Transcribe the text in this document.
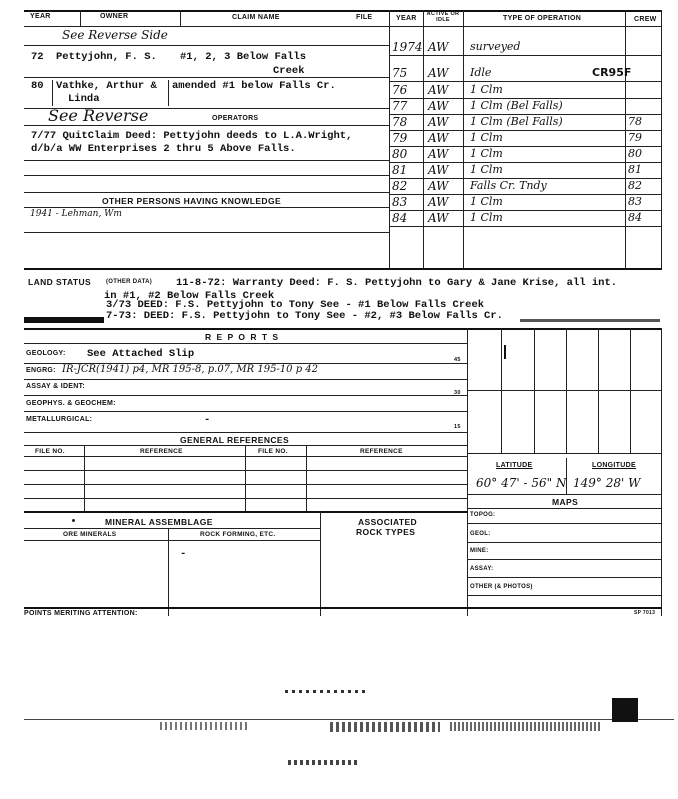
YEAR	OWNER	CLAIM NAME	FILE	YEAR
ACTIVE OR IDLE	TYPE OF OPERATION	CREW
See Reverse Side
72 Pettyjohn, F. S. #1, 2, 3 Below Falls
Creek
80 Vathke, Arthur &
Linda
amended #1 below Falls Cr.
See Reverse	OPERATORS
7/77 QuitClaim Deed: Pettyjohn deeds to L.A.Wright,
d/b/a WW Enterprises 2 thru 5 Above Falls.
OTHER PERSONS HAVING KNOWLEDGE
1941 - Lehman, Wm
1974 AW surveyed
75 AW Idle	CR95F
76 AW 1 Clm
77 AW 1 Clm (Bel Falls)
78 AW 1 Clm (Bel Falls)	78
79 AW 1 Clm	79
80 AW 1 Clm	80
81 AW 1 Clm	81
82 AW Falls Cr. Tndy	82
83 AW 1 Clm	83
84 AW 1 Clm	84
LAND STATUS (OTHER DATA) 11-8-72: Warranty Deed: F. S. Pettyjohn to Gary & Jane Krise, all int.
in #1, #2 Below Falls Creek
3/73 DEED: F.S. Pettyjohn to Tony See - #1 Below Falls Creek
7-73: DEED: F.S. Pettyjohn to Tony See - #2, #3 Below Falls Cr.
R E P O R T S
GEOLOGY: See Attached Slip
ENGRG: IR-JCR(1941) p4, MR 195-8, p.07, MR 195-10 p 42
ASSAY & IDENT:
GEOPHYS. & GEOCHEM:
METALLURGICAL:	-
45
30
15
GENERAL REFERENCES
FILE NO.	REFERENCE	FILE NO.	REFERENCE
LATITUDE	LONGITUDE
60° 47' - 56" N 149° 28' W
MAPS
TOPOG:
GEOL:
MINE:
ASSAY:
OTHER (& PHOTOS)
MINERAL ASSEMBLAGE	ASSOCIATED
ROCK TYPES
ORE MINERALS	ROCK FORMING, ETC.
-
POINTS MERITING ATTENTION:	SP 7013
